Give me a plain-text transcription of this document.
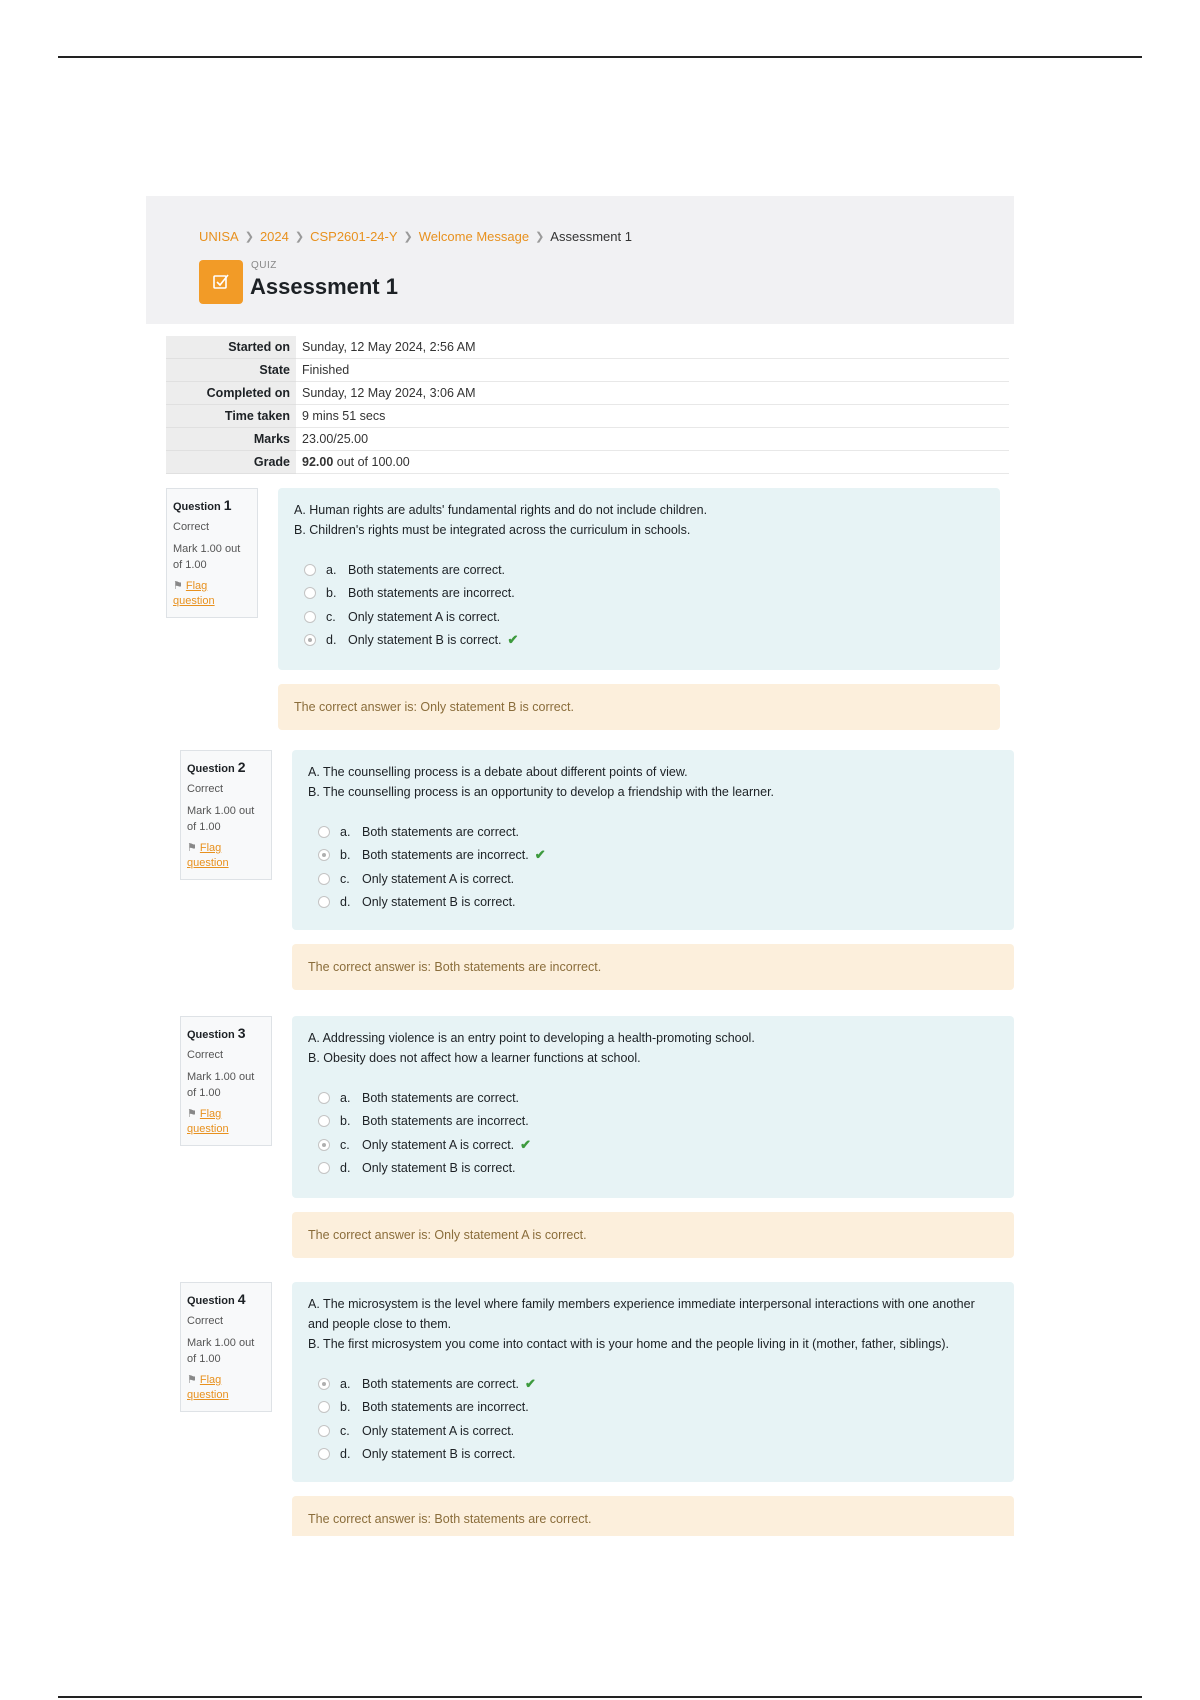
UNISA ❯ 2024 ❯ CSP2601-24-Y ❯ Welcome Message ❯ Assessment 1
QUIZ
Assessment 1
Started on	Sunday, 12 May 2024, 2:56 AM
State	Finished
Completed on	Sunday, 12 May 2024, 3:06 AM
Time taken	9 mins 51 secs
Marks	23.00/25.00
Grade	92.00 out of 100.00
Question 1
Correct
Mark 1.00 out of 1.00
⚑ Flag question
A. Human rights are adults' fundamental rights and do not include children.
B. Children's rights must be integrated across the curriculum in schools.
a. Both statements are correct.
b. Both statements are incorrect.
c. Only statement A is correct.
d. Only statement B is correct. ✔
The correct answer is: Only statement B is correct.
Question 2
Correct
Mark 1.00 out of 1.00
⚑ Flag question
A. The counselling process is a debate about different points of view.
B. The counselling process is an opportunity to develop a friendship with the learner.
a. Both statements are correct.
b. Both statements are incorrect. ✔
c. Only statement A is correct.
d. Only statement B is correct.
The correct answer is: Both statements are incorrect.
Question 3
Correct
Mark 1.00 out of 1.00
⚑ Flag question
A. Addressing violence is an entry point to developing a health-promoting school.
B. Obesity does not affect how a learner functions at school.
a. Both statements are correct.
b. Both statements are incorrect.
c. Only statement A is correct. ✔
d. Only statement B is correct.
The correct answer is: Only statement A is correct.
Question 4
Correct
Mark 1.00 out of 1.00
⚑ Flag question
A. The microsystem is the level where family members experience immediate interpersonal interactions with one another and people close to them.
B. The first microsystem you come into contact with is your home and the people living in it (mother, father, siblings).
a. Both statements are correct. ✔
b. Both statements are incorrect.
c. Only statement A is correct.
d. Only statement B is correct.
The correct answer is: Both statements are correct.
